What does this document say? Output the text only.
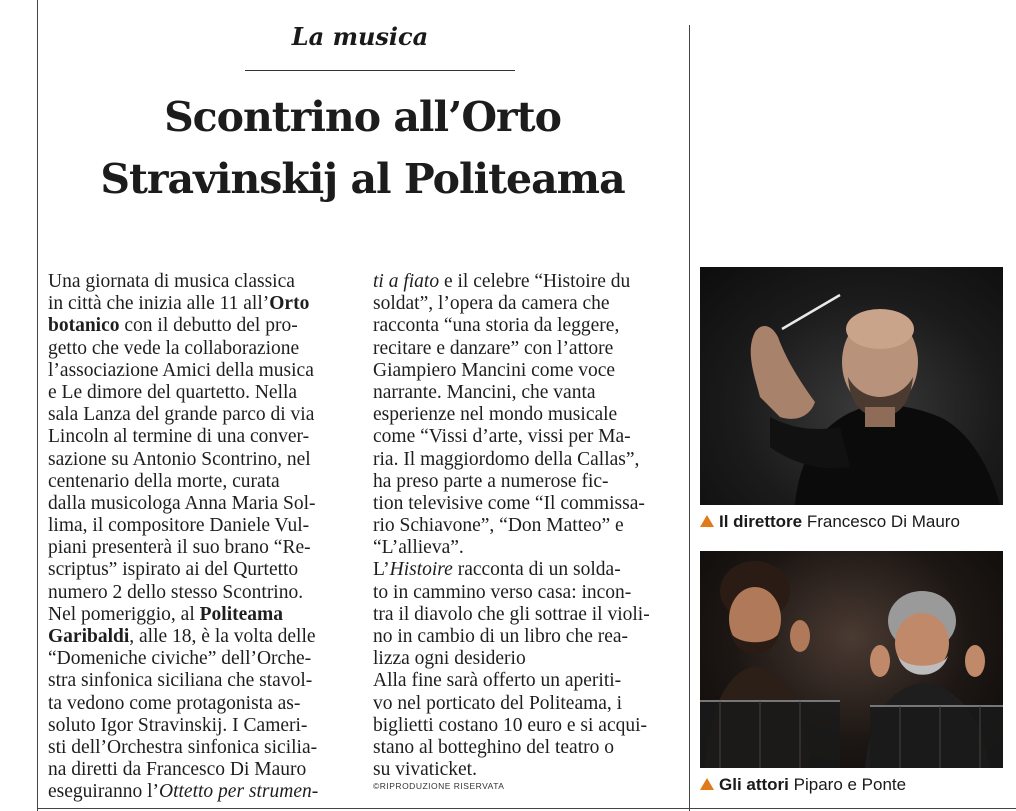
La musica
Scontrino all’Orto
Stravinskij al Politeama
Una giornata di musica classica
in città che inizia alle 11 all’Orto
botanico con il debutto del pro-
getto che vede la collaborazione
l’associazione Amici della musica
e Le dimore del quartetto. Nella
sala Lanza del grande parco di via
Lincoln al termine di una conver-
sazione su Antonio Scontrino, nel
centenario della morte, curata
dalla musicologa Anna Maria Sol-
lima, il compositore Daniele Vul-
piani presenterà il suo brano “Re-
scriptus” ispirato ai del Qurtetto
numero 2 dello stesso Scontrino.
Nel pomeriggio, al Politeama
Garibaldi, alle 18, è la volta delle
“Domeniche civiche” dell’Orche-
stra sinfonica siciliana che stavol-
ta vedono come protagonista as-
soluto Igor Stravinskij. I Cameri-
sti dell’Orchestra sinfonica sicilia-
na diretti da Francesco Di Mauro
eseguiranno l’Ottetto per strumen-
ti a fiato e il celebre “Histoire du
soldat”, l’opera da camera che
racconta “una storia da leggere,
recitare e danzare” con l’attore
Giampiero Mancini come voce
narrante. Mancini, che vanta
esperienze nel mondo musicale
come “Vissi d’arte, vissi per Ma-
ria. Il maggiordomo della Callas”,
ha preso parte a numerose fic-
tion televisive come “Il commissa-
rio Schiavone”, “Don Matteo” e
“L’allieva”.
L’Histoire racconta di un solda-
to in cammino verso casa: incon-
tra il diavolo che gli sottrae il violi-
no in cambio di un libro che rea-
lizza ogni desiderio
Alla fine sarà offerto un aperiti-
vo nel porticato del Politeama, i
biglietti costano 10 euro e si acqui-
stano al botteghino del teatro o
su vivaticket.
©RIPRODUZIONE RISERVATA
Il direttore Francesco Di Mauro
Gli attori Piparo e Ponte
